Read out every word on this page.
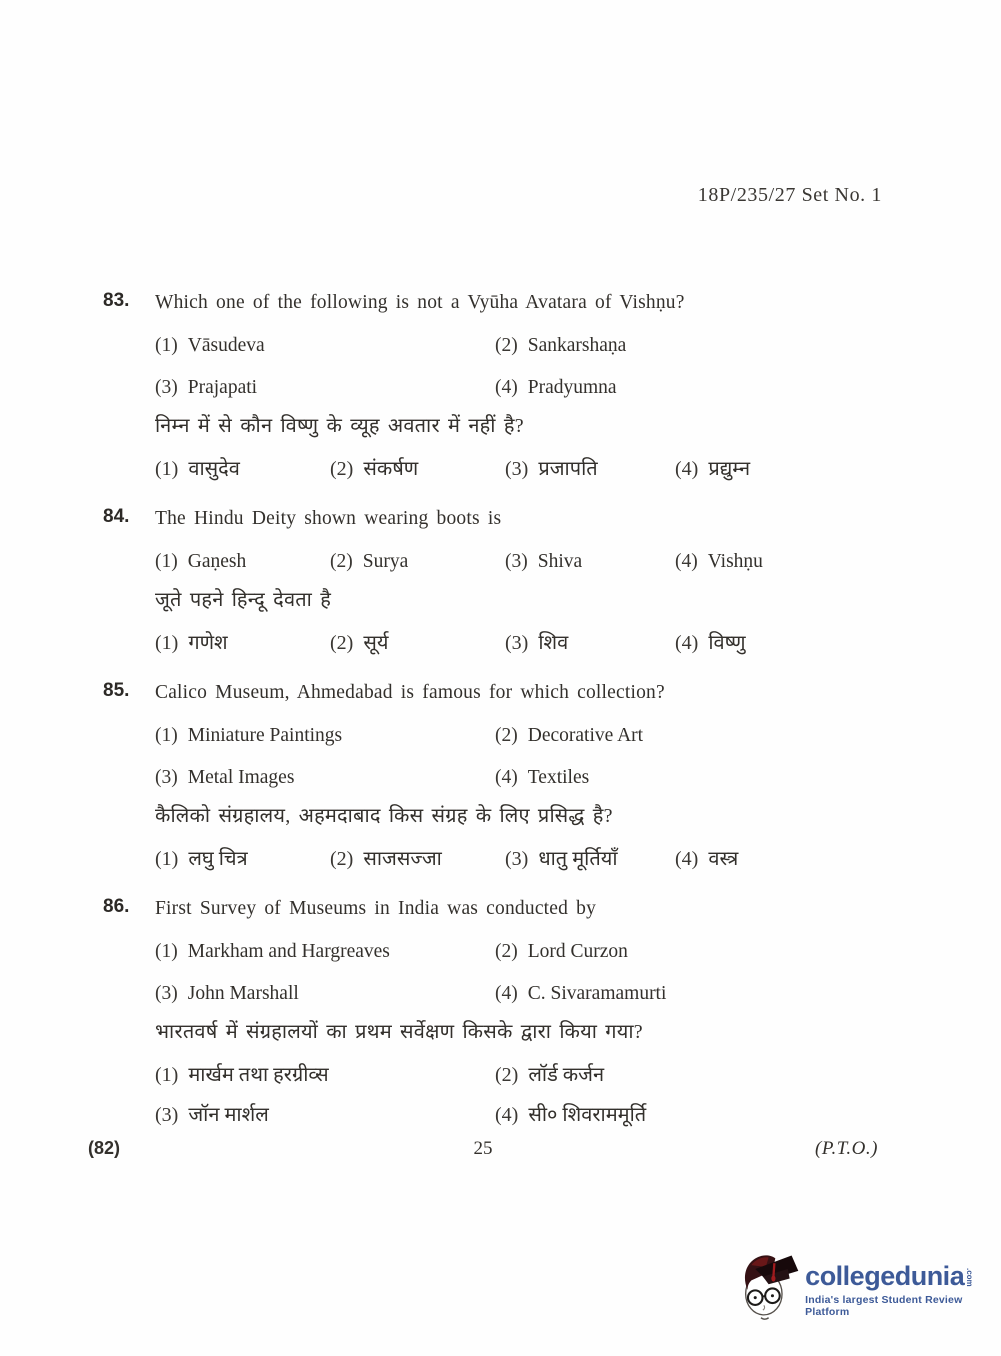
18P/235/27 Set No. 1
83.	Which one of the following is not a Vyūha Avatara of Vishṇu?
(1) Vāsudeva	(2) Sankarshaṇa
(3) Prajapati	(4) Pradyumna
निम्न में से कौन विष्णु के व्यूह अवतार में नहीं है?
(1) वासुदेव	(2) संकर्षण	(3) प्रजापति	(4) प्रद्युम्न
84.	The Hindu Deity shown wearing boots is
(1) Gaṇesh	(2) Surya	(3) Shiva	(4) Vishṇu
जूते पहने हिन्दू देवता है
(1) गणेश	(2) सूर्य	(3) शिव	(4) विष्णु
85.	Calico Museum, Ahmedabad is famous for which collection?
(1) Miniature Paintings	(2) Decorative Art
(3) Metal Images	(4) Textiles
कैलिको संग्रहालय, अहमदाबाद किस संग्रह के लिए प्रसिद्ध है?
(1) लघु चित्र	(2) साजसज्जा	(3) धातु मूर्तियाँ	(4) वस्त्र
86.	First Survey of Museums in India was conducted by
(1) Markham and Hargreaves	(2) Lord Curzon
(3) John Marshall	(4) C. Sivaramamurti
भारतवर्ष में संग्रहालयों का प्रथम सर्वेक्षण किसके द्वारा किया गया?
(1) मार्खम तथा हरग्रीव्स	(2) लॉर्ड कर्जन
(3) जॉन मार्शल	(4) सी० शिवराममूर्ति
(82)	25	(P.T.O.)
collegedunia .com
India's largest Student Review Platform
